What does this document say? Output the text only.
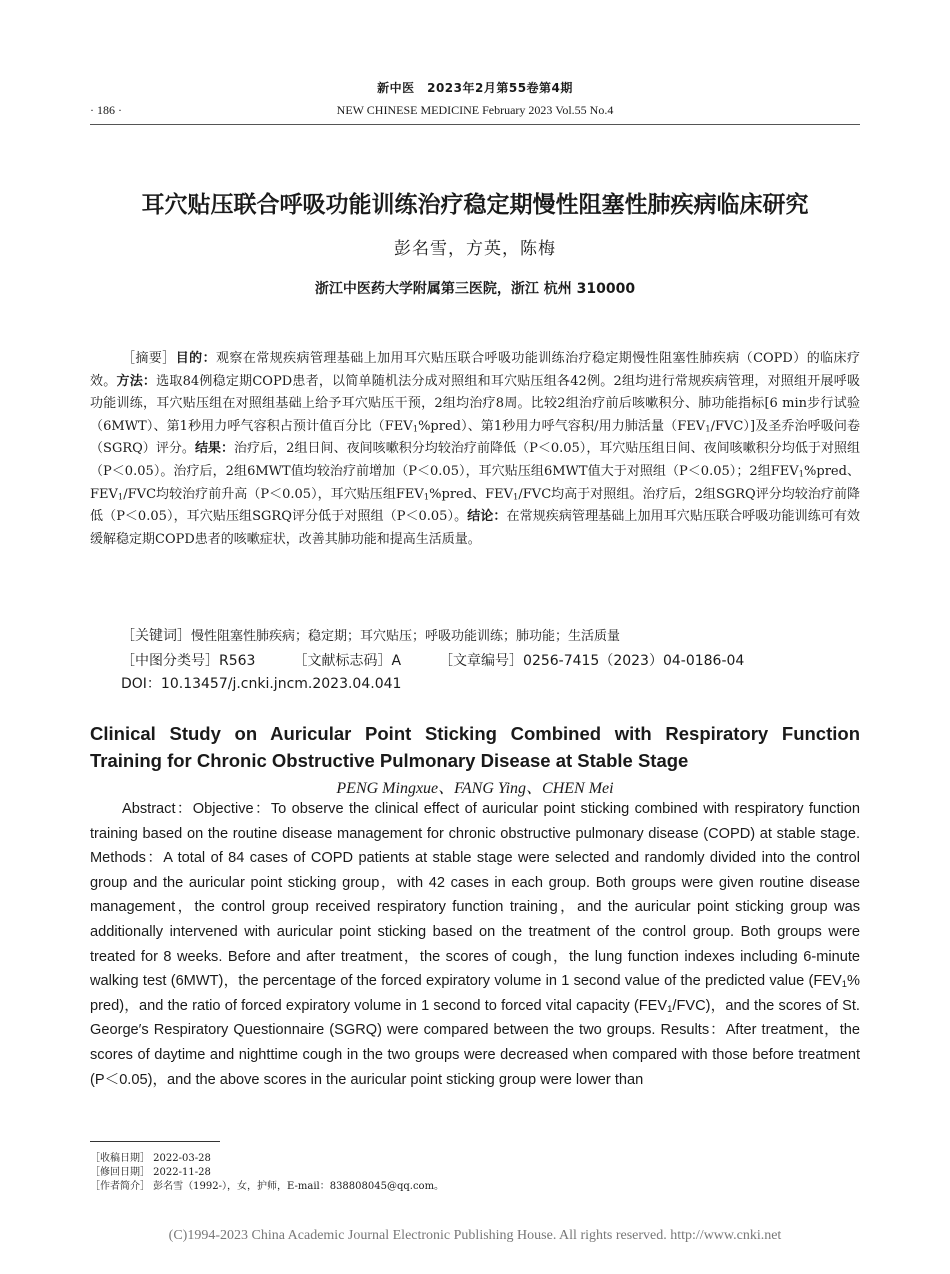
新中医　2023年2月第55卷第4期
· 186 ·	NEW CHINESE MEDICINE February 2023 Vol.55 No.4
耳穴贴压联合呼吸功能训练治疗稳定期慢性阻塞性肺疾病临床研究
彭名雪，方英，陈梅
浙江中医药大学附属第三医院，浙江 杭州 310000
［摘要］目的：观察在常规疾病管理基础上加用耳穴贴压联合呼吸功能训练治疗稳定期慢性阻塞性肺疾病（COPD）的临床疗效。方法：选取84例稳定期COPD患者，以简单随机法分成对照组和耳穴贴压组各42例。2组均进行常规疾病管理，对照组开展呼吸功能训练，耳穴贴压组在对照组基础上给予耳穴贴压干预，2组均治疗8周。比较2组治疗前后咳嗽积分、肺功能指标[6 min步行试验（6MWT）、第1秒用力呼气容积占预计值百分比$(FEV_1\%pred)$、第1秒用力呼气容积/用力肺活量$(FEV_1/FVC)$]及圣乔治呼吸问卷（SGRQ）评分。结果：治疗后，2组日间、夜间咳嗽积分均较治疗前降低（P＜0.05），耳穴贴压组日间、夜间咳嗽积分均低于对照组（P＜0.05）。治疗后，2组6MWT值均较治疗前增加（P＜0.05），耳穴贴压组6MWT值大于对照组（P＜0.05）；2组$FEV_1\%pred$、$FEV_1$/FVC均较治疗前升高（P＜0.05），耳穴贴压组$FEV_1\%pred$、$FEV_1$/FVC均高于对照组。治疗后，2组SGRQ评分均较治疗前降低（P＜0.05），耳穴贴压组SGRQ评分低于对照组（P＜0.05）。结论：在常规疾病管理基础上加用耳穴贴压联合呼吸功能训练可有效缓解稳定期COPD患者的咳嗽症状，改善其肺功能和提高生活质量。
［关键词］慢性阻塞性肺疾病；稳定期；耳穴贴压；呼吸功能训练；肺功能；生活质量
［中图分类号］R563	［文献标志码］A	［文章编号］0256-7415（2023）04-0186-04
DOI：10.13457/j.cnki.jncm.2023.04.041
Clinical Study on Auricular Point Sticking Combined with Respiratory Function
Training for Chronic Obstructive Pulmonary Disease at Stable Stage
PENG Mingxue、FANG Ying、CHEN Mei
Abstract：Objective：To observe the clinical effect of auricular point sticking combined with respiratory function training based on the routine disease management for chronic obstructive pulmonary disease (COPD) at stable stage. Methods：A total of 84 cases of COPD patients at stable stage were selected and randomly divided into the control group and the auricular point sticking group，with 42 cases in each group. Both groups were given routine disease management，the control group received respiratory function training，and the auricular point sticking group was additionally intervened with auricular point sticking based on the treatment of the control group. Both groups were treated for 8 weeks. Before and after treatment，the scores of cough，the lung function indexes including 6-minute walking test (6MWT)，the percentage of the forced expiratory volume in 1 second value of the predicted value ($FEV_1\%$ pred)，and the ratio of forced expiratory volume in 1 second to forced vital capacity $(FEV_1/FVC)$，and the scores of St. George′s Respiratory Questionnaire (SGRQ) were compared between the two groups. Results：After treatment，the scores of daytime and nighttime cough in the two groups were decreased when compared with those before treatment (P＜0.05)，and the above scores in the auricular point sticking group were lower than
［收稿日期］ 2022-03-28
［修回日期］ 2022-11-28
［作者简介］ 彭名雪（1992-），女，护师，E-mail：838808045@qq.com。
(C)1994-2023 China Academic Journal Electronic Publishing House. All rights reserved. http://www.cnki.net
